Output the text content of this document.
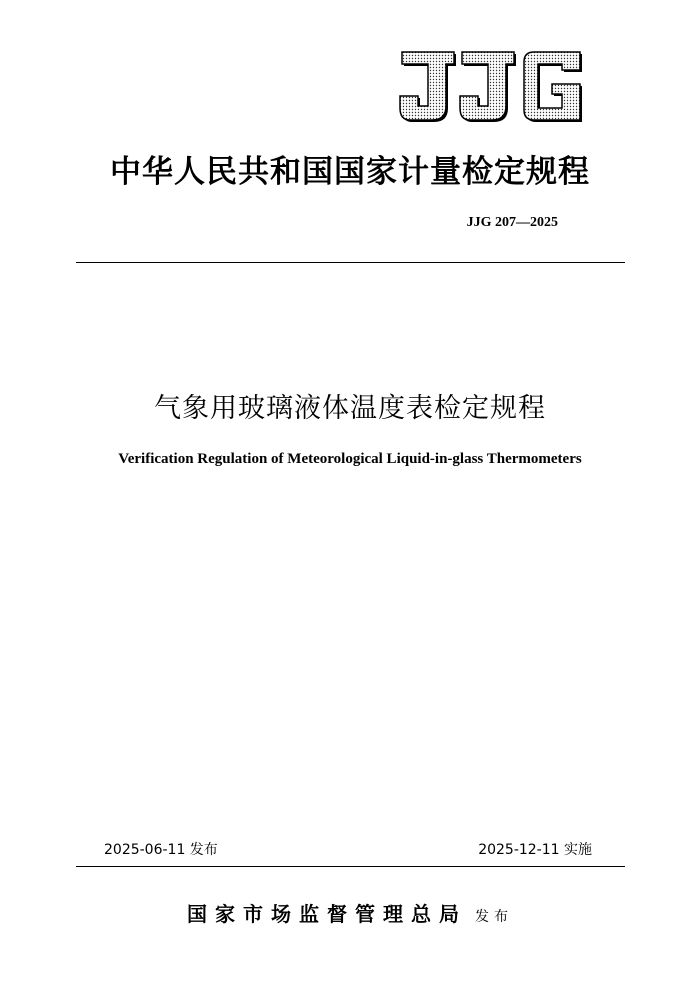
中华人民共和国国家计量检定规程
JJG 207—2025
气象用玻璃液体温度表检定规程
Verification Regulation of Meteorological Liquid-in-glass Thermometers
2025-06-11 发布	2025-12-11 实施
国家市场监督管理总局 发布
